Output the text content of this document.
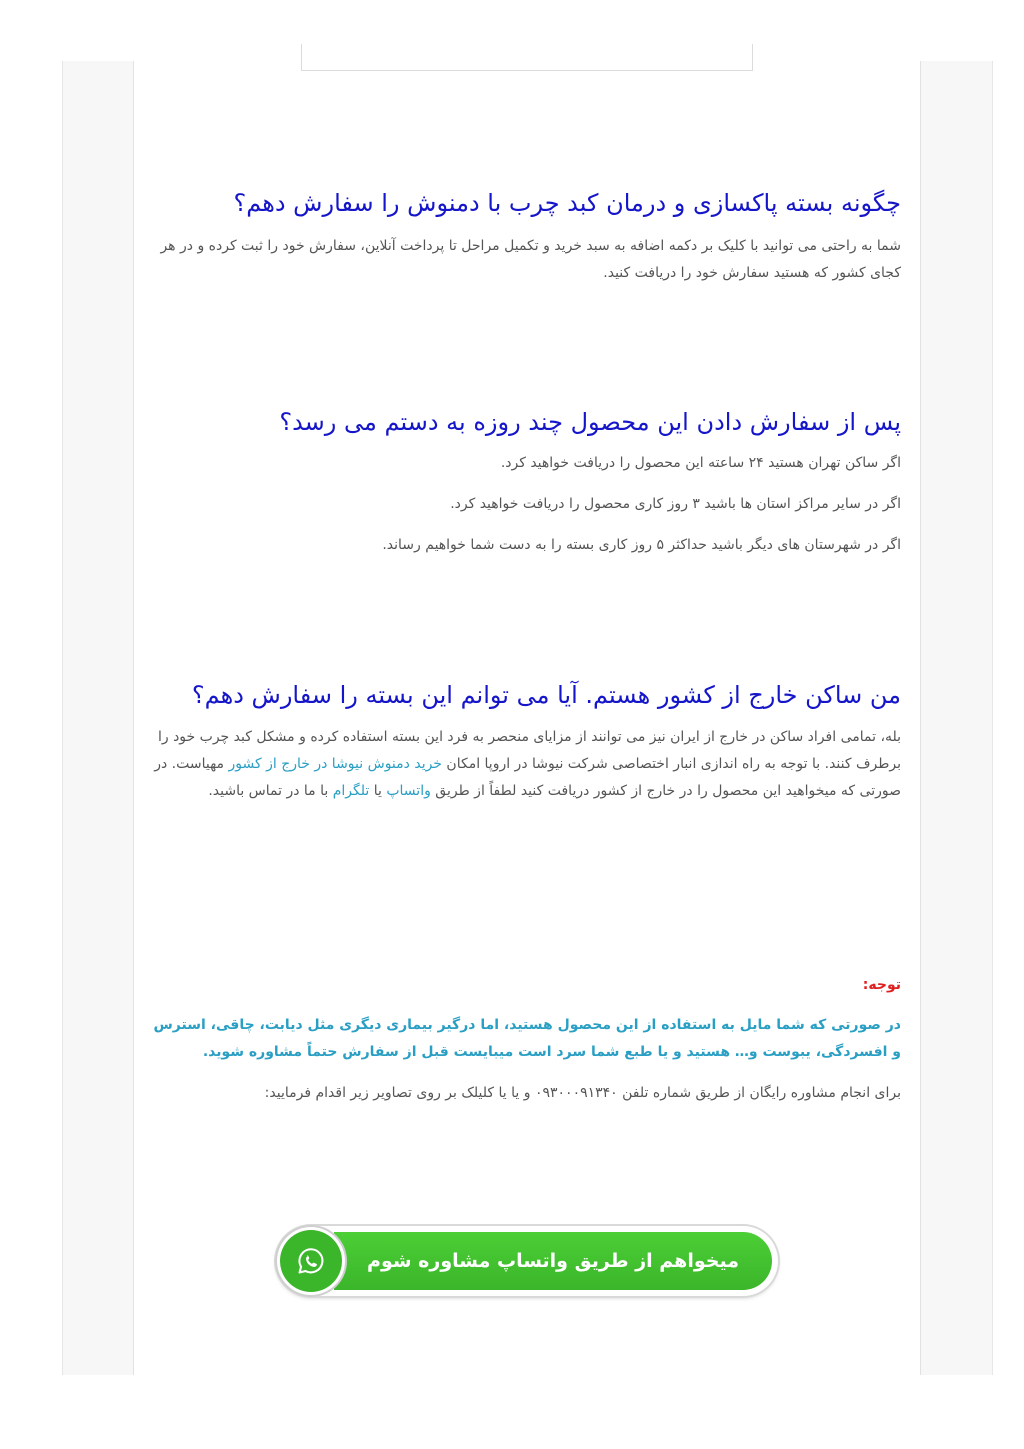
چگونه بسته پاکسازی و درمان کبد چرب با دمنوش را سفارش دهم؟

شما به راحتی می توانید با کلیک بر دکمه اضافه به سبد خرید و تکمیل مراحل تا پرداخت آنلاین، سفارش خود را ثبت کرده و در هر کجای کشور که هستید سفارش خود را دریافت کنید.

پس از سفارش دادن این محصول چند روزه به دستم می رسد؟

اگر ساکن تهران هستید ۲۴ ساعته این محصول را دریافت خواهید کرد.

اگر در سایر مراکز استان ها باشید ۳ روز کاری محصول را دریافت خواهید کرد.

اگر در شهرستان های دیگر باشید حداکثر ۵ روز کاری بسته را به دست شما خواهیم رساند.

من ساکن خارج از کشور هستم. آیا می توانم این بسته را سفارش دهم؟

بله، تمامی افراد ساکن در خارج از ایران نیز می توانند از مزایای منحصر به فرد این بسته استفاده کرده و مشکل کبد چرب خود را برطرف کنند. با توجه به راه اندازی انبار اختصاصی شرکت نیوشا در اروپا امکان خرید دمنوش نیوشا در خارج از کشور مهیاست. در صورتی که میخواهید این محصول را در خارج از کشور دریافت کنید لطفاً از طریق واتساپ یا تلگرام با ما در تماس باشید.

توجه:

در صورتی که شما مایل به استفاده از این محصول هستید، اما درگیر بیماری دیگری مثل دیابت، چاقی، استرس و افسردگی، یبوست و… هستید و یا طبع شما سرد است میبایست قبل از سفارش حتماً مشاوره شوید.

برای انجام مشاوره رایگان از طریق شماره تلفن ۰۹۳۰۰۰۹۱۳۴۰ و یا یا کلیلک بر روی تصاویر زیر اقدام فرمایید:

میخواهم از طریق واتساپ مشاوره شوم
